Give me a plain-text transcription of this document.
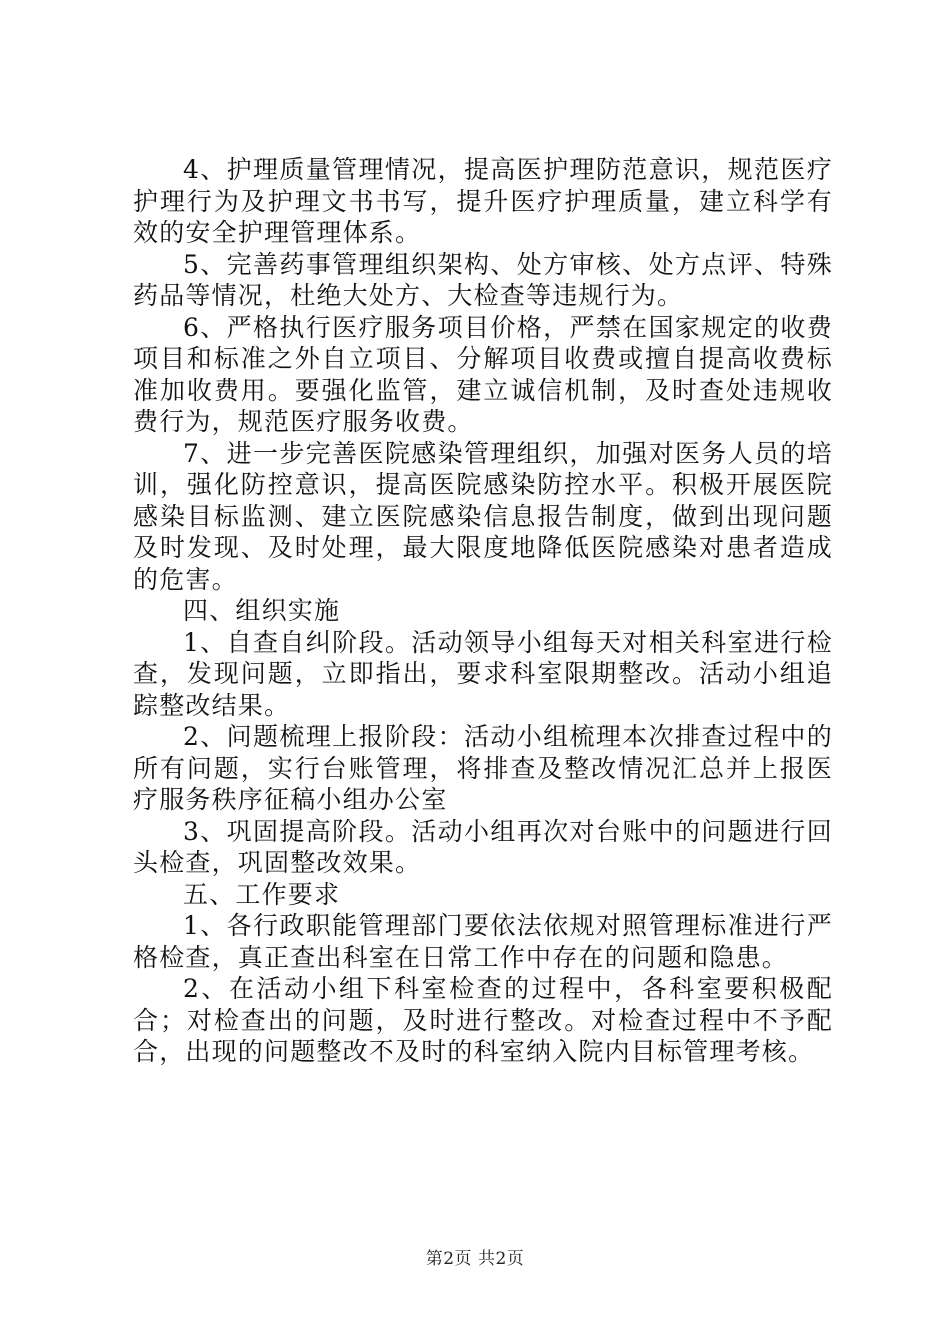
4、护理质量管理情况，提高医护理防范意识，规范医疗护理行为及护理文书书写，提升医疗护理质量，建立科学有效的安全护理管理体系。

5、完善药事管理组织架构、处方审核、处方点评、特殊药品等情况，杜绝大处方、大检查等违规行为。

6、严格执行医疗服务项目价格，严禁在国家规定的收费项目和标准之外自立项目、分解项目收费或擅自提高收费标准加收费用。要强化监管，建立诚信机制，及时查处违规收费行为，规范医疗服务收费。

7、进一步完善医院感染管理组织，加强对医务人员的培训，强化防控意识，提高医院感染防控水平。积极开展医院感染目标监测、建立医院感染信息报告制度，做到出现问题及时发现、及时处理，最大限度地降低医院感染对患者造成的危害。

四、组织实施

1、自查自纠阶段。活动领导小组每天对相关科室进行检查，发现问题，立即指出，要求科室限期整改。活动小组追踪整改结果。

2、问题梳理上报阶段：活动小组梳理本次排查过程中的所有问题，实行台账管理，将排查及整改情况汇总并上报医疗服务秩序征稿小组办公室

3、巩固提高阶段。活动小组再次对台账中的问题进行回头检查，巩固整改效果。

五、工作要求

1、各行政职能管理部门要依法依规对照管理标准进行严格检查，真正查出科室在日常工作中存在的问题和隐患。

2、在活动小组下科室检查的过程中，各科室要积极配合；对检查出的问题，及时进行整改。对检查过程中不予配合，出现的问题整改不及时的科室纳入院内目标管理考核。

第2页 共2页
